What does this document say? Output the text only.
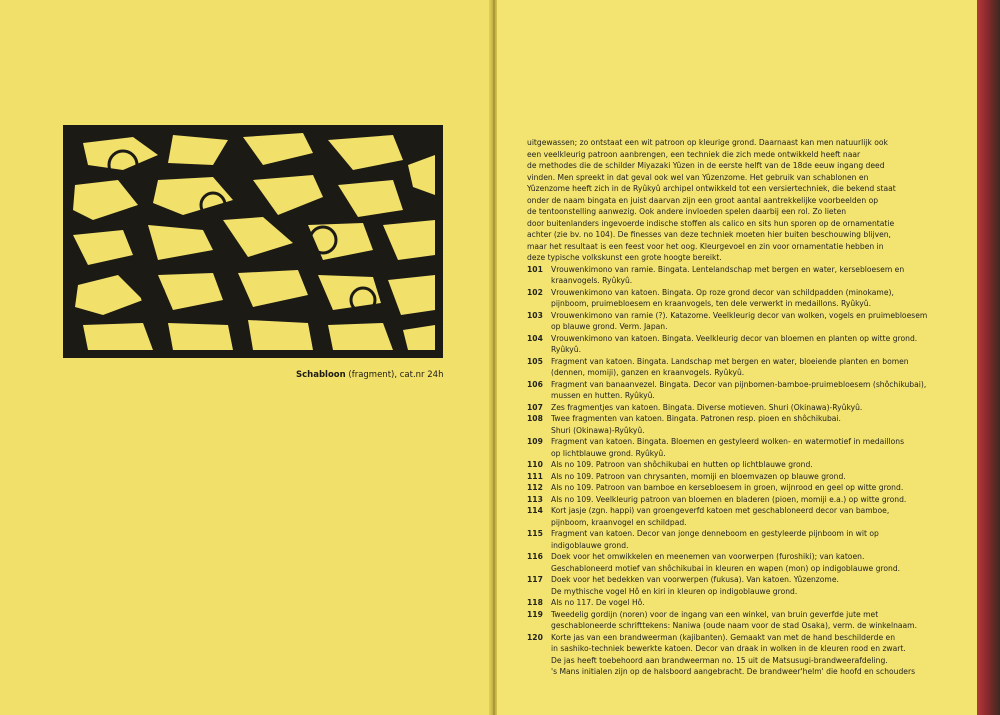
Schabloon (fragment), cat.nr 24h
uitgewassen; zo ontstaat een wit patroon op kleurige grond. Daarnaast kan men natuurlijk ook
een veelkleurig patroon aanbrengen, een techniek die zich mede ontwikkeld heeft naar
de methodes die de schilder Miyazaki Yûzen in de eerste helft van de 18de eeuw ingang deed
vinden. Men spreekt in dat geval ook wel van Yûzenzome. Het gebruik van schablonen en
Yûzenzome heeft zich in de Ryûkyû archipel ontwikkeld tot een versiertechniek, die bekend staat
onder de naam bingata en juist daarvan zijn een groot aantal aantrekkelijke voorbeelden op
de tentoonstelling aanwezig. Ook andere invloeden spelen daarbij een rol. Zo lieten
door buitenlanders ingevoerde indische stoffen als calico en sits hun sporen op de ornamentatie
achter (zie bv. no 104). De finesses van deze techniek moeten hier buiten beschouwing blijven,
maar het resultaat is een feest voor het oog. Kleurgevoel en zin voor ornamentatie hebben in
deze typische volkskunst een grote hoogte bereikt.
101 Vrouwenkimono van ramie. Bingata. Lentelandschap met bergen en water, kersebloesem en
kraanvogels. Ryûkyû.
102 Vrouwenkimono van katoen. Bingata. Op roze grond decor van schildpadden (minokame),
pijnboom, pruimebloesem en kraanvogels, ten dele verwerkt in medaillons. Ryûkyû.
103 Vrouwenkimono van ramie (?). Katazome. Veelkleurig decor van wolken, vogels en pruimebloesem
op blauwe grond. Verm. Japan.
104 Vrouwenkimono van katoen. Bingata. Veelkleurig decor van bloemen en planten op witte grond.
Ryûkyû.
105 Fragment van katoen. Bingata. Landschap met bergen en water, bloeiende planten en bomen
(dennen, momiji), ganzen en kraanvogels. Ryûkyû.
106 Fragment van banaanvezel. Bingata. Decor van pijnbomen-bamboe-pruimebloesem (shôchikubai),
mussen en hutten. Ryûkyû.
107 Zes fragmentjes van katoen. Bingata. Diverse motieven. Shuri (Okinawa)-Ryûkyû.
108 Twee fragmenten van katoen. Bingata. Patronen resp. pioen en shôchikubai.
Shuri (Okinawa)-Ryûkyû.
109 Fragment van katoen. Bingata. Bloemen en gestyleerd wolken- en watermotief in medaillons
op lichtblauwe grond. Ryûkyû.
110 Als no 109. Patroon van shôchikubai en hutten op lichtblauwe grond.
111 Als no 109. Patroon van chrysanten, momiji en bloemvazen op blauwe grond.
112 Als no 109. Patroon van bamboe en kersebloesem in groen, wijnrood en geel op witte grond.
113 Als no 109. Veelkleurig patroon van bloemen en bladeren (pioen, momiji e.a.) op witte grond.
114 Kort jasje (zgn. happi) van groengeverfd katoen met geschabloneerd decor van bamboe,
pijnboom, kraanvogel en schildpad.
115 Fragment van katoen. Decor van jonge denneboom en gestyleerde pijnboom in wit op
indigoblauwe grond.
116 Doek voor het omwikkelen en meenemen van voorwerpen (furoshiki); van katoen.
Geschabloneerd motief van shôchikubai in kleuren en wapen (mon) op indigoblauwe grond.
117 Doek voor het bedekken van voorwerpen (fukusa). Van katoen. Yûzenzome.
De mythische vogel Hô en kiri in kleuren op indigoblauwe grond.
118 Als no 117. De vogel Hô.
119 Tweedelig gordijn (noren) voor de ingang van een winkel, van bruin geverfde jute met
geschabloneerde schrifttekens: Naniwa (oude naam voor de stad Osaka), verm. de winkelnaam.
120 Korte jas van een brandweerman (kajibanten). Gemaakt van met de hand beschilderde en
in sashiko-techniek bewerkte katoen. Decor van draak in wolken in de kleuren rood en zwart.
De jas heeft toebehoord aan brandweerman no. 15 uit de Matsusugi-brandweerafdeling.
's Mans initialen zijn op de halsboord aangebracht. De brandweer'helm' die hoofd en schouders
